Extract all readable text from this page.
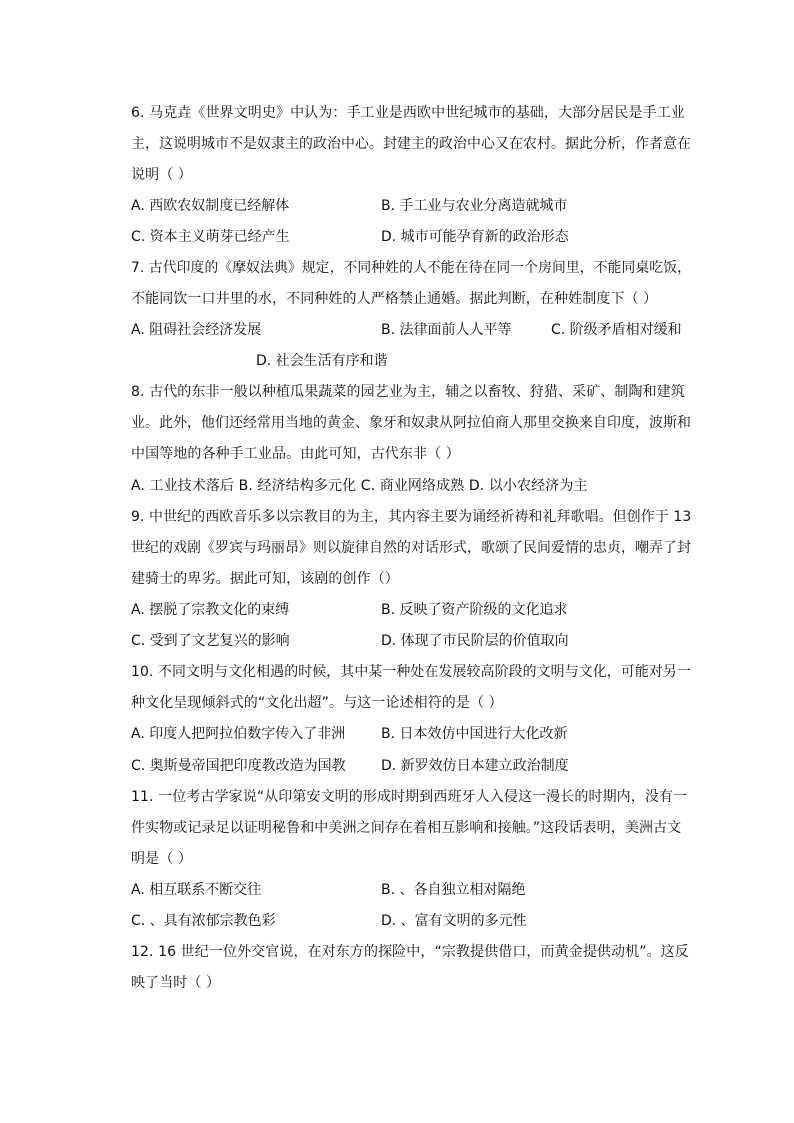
6. 马克垚《世界文明史》中认为：手工业是西欧中世纪城市的基础，大部分居民是手工业
主，这说明城市不是奴隶主的政治中心。封建主的政治中心又在农村。据此分析，作者意在
说明（ ）
A. 西欧农奴制度已经解体	B. 手工业与农业分离造就城市
C. 资本主义萌芽已经产生	D. 城市可能孕育新的政治形态
7. 古代印度的《摩奴法典》规定，不同种姓的人不能在待在同一个房间里，不能同桌吃饭，
不能同饮一口井里的水，不同种姓的人严格禁止通婚。据此判断，在种姓制度下（ ）
A. 阻碍社会经济发展	B. 法律面前人人平等	C. 阶级矛盾相对缓和
D. 社会生活有序和谐
8. 古代的东非一般以种植瓜果蔬菜的园艺业为主，辅之以畜牧、狩猎、采矿、制陶和建筑
业。此外，他们还经常用当地的黄金、象牙和奴隶从阿拉伯商人那里交换来自印度，波斯和
中国等地的各种手工业品。由此可知，古代东非（ ）
A. 工业技术落后 B. 经济结构多元化 C. 商业网络成熟 D. 以小农经济为主
9. 中世纪的西欧音乐多以宗教目的为主，其内容主要为诵经祈祷和礼拜歌唱。但创作于 13
世纪的戏剧《罗宾与玛丽昂》则以旋律自然的对话形式，歌颂了民间爱情的忠贞，嘲弄了封
建骑士的卑劣。据此可知，该剧的创作（）
A. 摆脱了宗教文化的束缚	B. 反映了资产阶级的文化追求
C. 受到了文艺复兴的影响	D. 体现了市民阶层的价值取向
10. 不同文明与文化相遇的时候，其中某一种处在发展较高阶段的文明与文化，可能对另一
种文化呈现倾斜式的“文化出超”。与这一论述相符的是（ ）
A. 印度人把阿拉伯数字传入了非洲	B. 日本效仿中国进行大化改新
C. 奥斯曼帝国把印度教改造为国教	D. 新罗效仿日本建立政治制度
11. 一位考古学家说“从印第安文明的形成时期到西班牙人入侵这一漫长的时期内，没有一
件实物或记录足以证明秘鲁和中美洲之间存在着相互影响和接触。”这段话表明，美洲古文
明是（ ）
A. 相互联系不断交往	B. 、各自独立相对隔绝
C. 、具有浓郁宗教色彩	D. 、富有文明的多元性
12. 16 世纪一位外交官说，在对东方的探险中，“宗教提供借口，而黄金提供动机”。这反
映了当时（ ）
